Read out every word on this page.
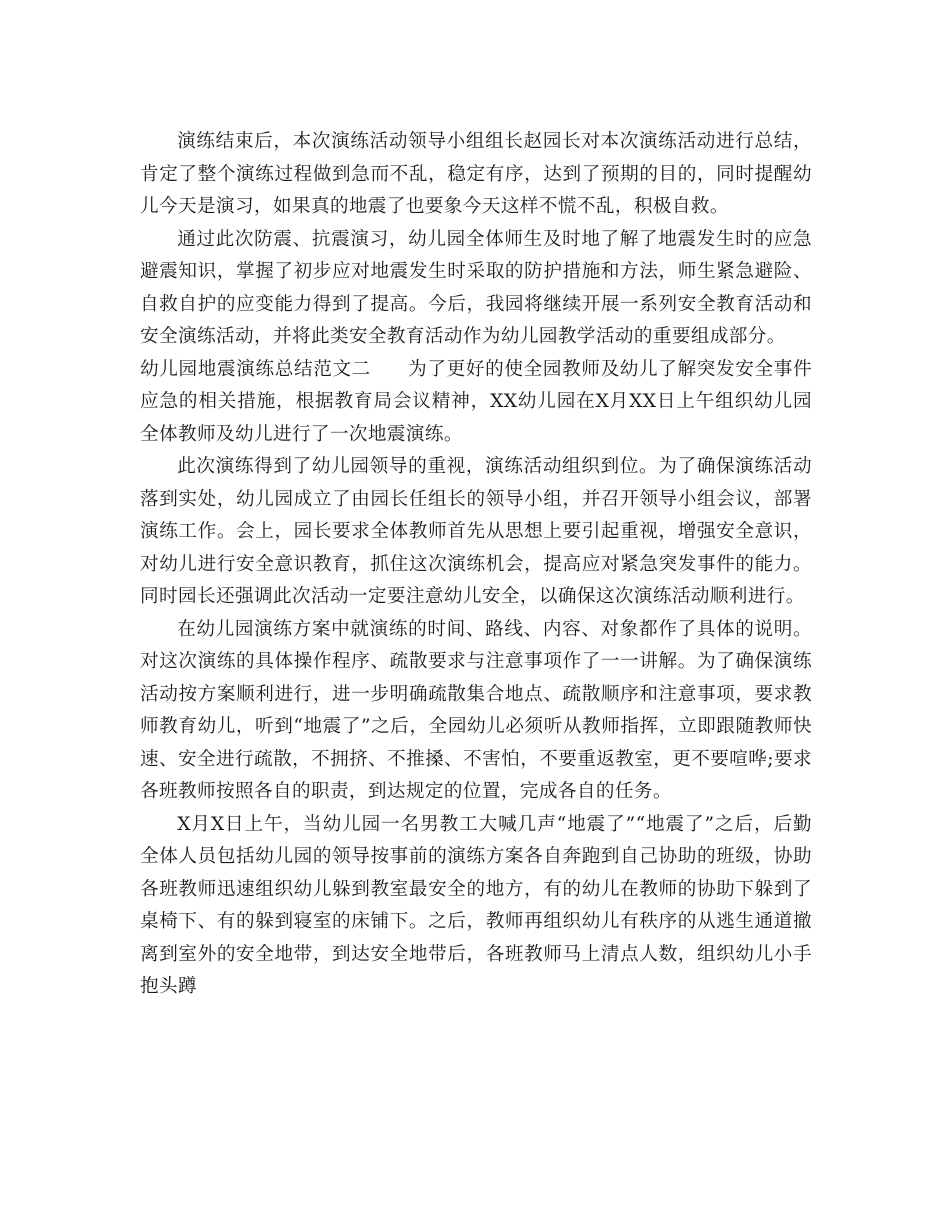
演练结束后，本次演练活动领导小组组长赵园长对本次演练活动进行总结，肯定了整个演练过程做到急而不乱，稳定有序，达到了预期的目的，同时提醒幼儿今天是演习，如果真的地震了也要象今天这样不慌不乱，积极自救。

通过此次防震、抗震演习，幼儿园全体师生及时地了解了地震发生时的应急避震知识，掌握了初步应对地震发生时采取的防护措施和方法，师生紧急避险、自救自护的应变能力得到了提高。今后，我园将继续开展一系列安全教育活动和安全演练活动，并将此类安全教育活动作为幼儿园教学活动的重要组成部分。

幼儿园地震演练总结范文二 为了更好的使全园教师及幼儿了解突发安全事件应急的相关措施，根据教育局会议精神，XX幼儿园在X月XX日上午组织幼儿园全体教师及幼儿进行了一次地震演练。

此次演练得到了幼儿园领导的重视，演练活动组织到位。为了确保演练活动落到实处，幼儿园成立了由园长任组长的领导小组，并召开领导小组会议，部署演练工作。会上，园长要求全体教师首先从思想上要引起重视，增强安全意识，对幼儿进行安全意识教育，抓住这次演练机会，提高应对紧急突发事件的能力。同时园长还强调此次活动一定要注意幼儿安全，以确保这次演练活动顺利进行。

在幼儿园演练方案中就演练的时间、路线、内容、对象都作了具体的说明。对这次演练的具体操作程序、疏散要求与注意事项作了一一讲解。为了确保演练活动按方案顺利进行，进一步明确疏散集合地点、疏散顺序和注意事项，要求教师教育幼儿，听到“地震了”之后，全园幼儿必须听从教师指挥，立即跟随教师快速、安全进行疏散，不拥挤、不推搡、不害怕，不要重返教室，更不要喧哗;要求各班教师按照各自的职责，到达规定的位置，完成各自的任务。

X月X日上午，当幼儿园一名男教工大喊几声“地震了”“地震了”之后，后勤全体人员包括幼儿园的领导按事前的演练方案各自奔跑到自己协助的班级，协助各班教师迅速组织幼儿躲到教室最安全的地方，有的幼儿在教师的协助下躲到了桌椅下、有的躲到寝室的床铺下。之后，教师再组织幼儿有秩序的从逃生通道撤离到室外的安全地带，到达安全地带后，各班教师马上清点人数，组织幼儿小手抱头蹲
